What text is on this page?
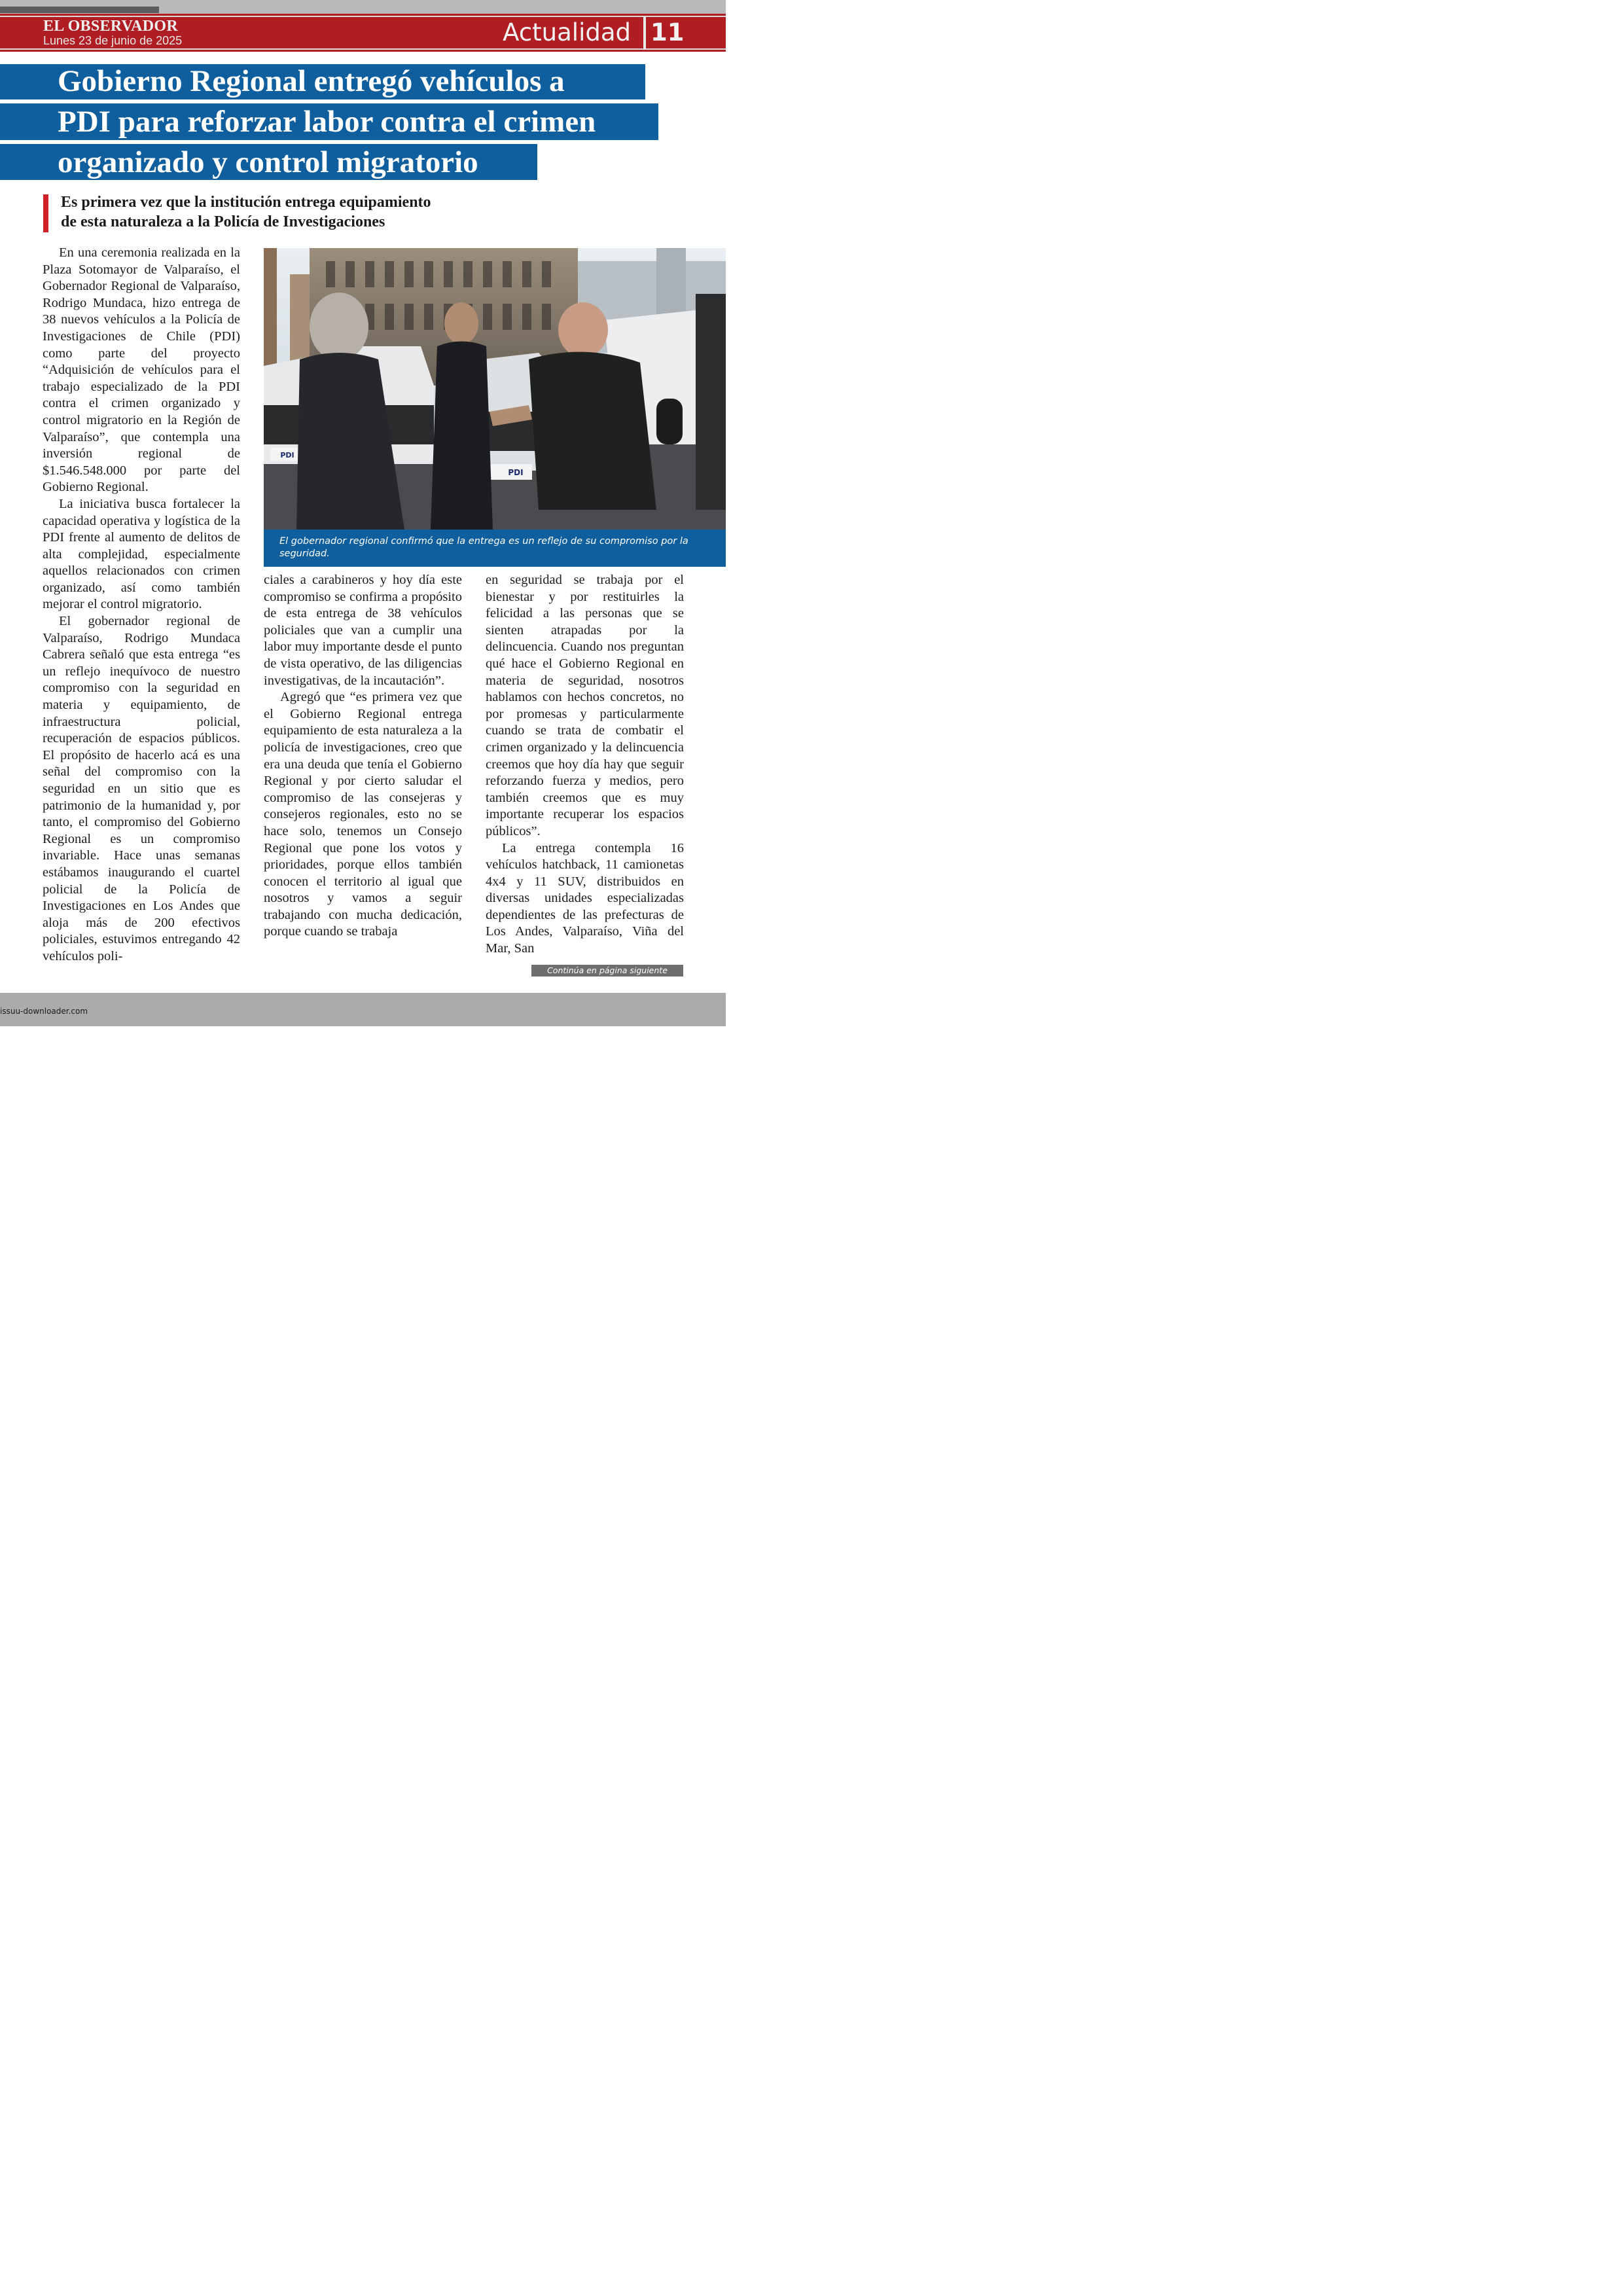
EL OBSERVADOR
Lunes 23 de junio de 2025	Actualidad 11
Gobierno Regional entregó vehículos a
PDI para reforzar labor contra el crimen
organizado y control migratorio
Es primera vez que la institución entrega equipamiento
de esta naturaleza a la Policía de Investigaciones

En una ceremonia realizada en la Plaza Sotomayor de Valparaíso, el Gobernador Regional de Valparaíso, Rodrigo Mundaca, hizo entrega de 38 nuevos vehículos a la Policía de Investigaciones de Chile (PDI) como parte del proyecto “Adquisición de vehículos para el trabajo especializado de la PDI contra el crimen organizado y control migratorio en la Región de Valparaíso”, que contempla una inversión regional de $1.546.548.000 por parte del Gobierno Regional.

La iniciativa busca fortalecer la capacidad operativa y logística de la PDI frente al aumento de delitos de alta complejidad, especialmente aquellos relacionados con crimen organizado, así como también mejorar el control migratorio.

El gobernador regional de Valparaíso, Rodrigo Mundaca Cabrera señaló que esta entrega “es un reflejo inequívoco de nuestro compromiso con la seguridad en materia y equipamiento, de infraestructura policial, recuperación de espacios públicos. El propósito de hacerlo acá es una señal del compromiso con la seguridad en un sitio que es patrimonio de la humanidad y, por tanto, el compromiso del Gobierno Regional es un compromiso invariable. Hace unas semanas estábamos inaugurando el cuartel policial de la Policía de Investigaciones en Los Andes que aloja más de 200 efectivos policiales, estuvimos entregando 42 vehículos poli-

PDI
PDI
El gobernador regional confirmó que la entrega es un reflejo de su compromiso por la seguridad.

ciales a carabineros y hoy día este compromiso se confirma a propósito de esta entrega de 38 vehículos policiales que van a cumplir una labor muy importante desde el punto de vista operativo, de las diligencias investigativas, de la incautación”.

Agregó que “es primera vez que el Gobierno Regional entrega equipamiento de esta naturaleza a la policía de investigaciones, creo que era una deuda que tenía el Gobierno Regional y por cierto saludar el compromiso de las consejeras y consejeros regionales, esto no se hace solo, tenemos un Consejo Regional que pone los votos y prioridades, porque ellos también conocen el territorio al igual que nosotros y vamos a seguir trabajando con mucha dedicación, porque cuando se trabaja

en seguridad se trabaja por el bienestar y por restituirles la felicidad a las personas que se sienten atrapadas por la delincuencia. Cuando nos preguntan qué hace el Gobierno Regional en materia de seguridad, nosotros hablamos con hechos concretos, no por promesas y particularmente cuando se trata de combatir el crimen organizado y la delincuencia creemos que hoy día hay que seguir reforzando fuerza y medios, pero también creemos que es muy importante recuperar los espacios públicos”.

La entrega contempla 16 vehículos hatchback, 11 camionetas 4x4 y 11 SUV, distribuidos en diversas unidades especializadas dependientes de las prefecturas de Los Andes, Valparaíso, Viña del Mar, San

Continúa en página siguiente
issuu-downloader.com
